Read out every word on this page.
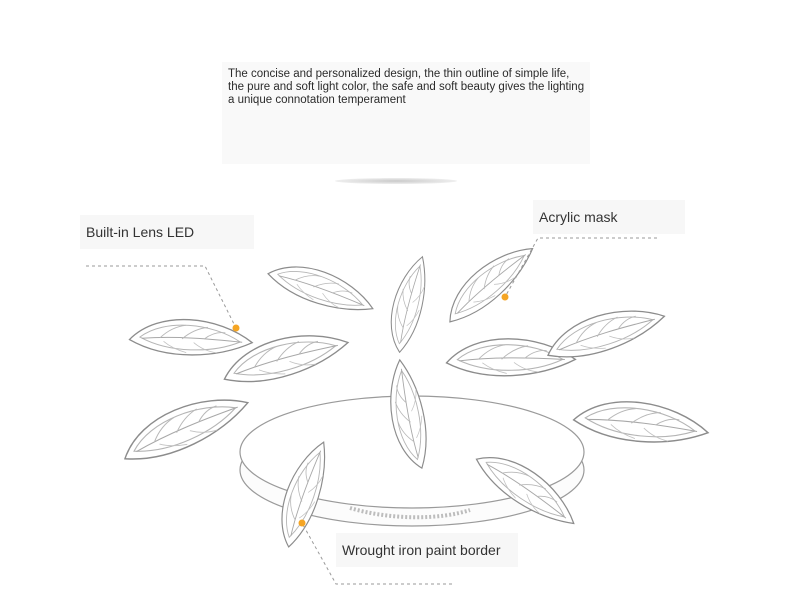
The concise and personalized design, the thin outline of simple life, the pure and soft light color, the safe and soft beauty gives the lighting a unique connotation temperament
Built-in Lens LED
Acrylic mask
Wrought iron paint border
